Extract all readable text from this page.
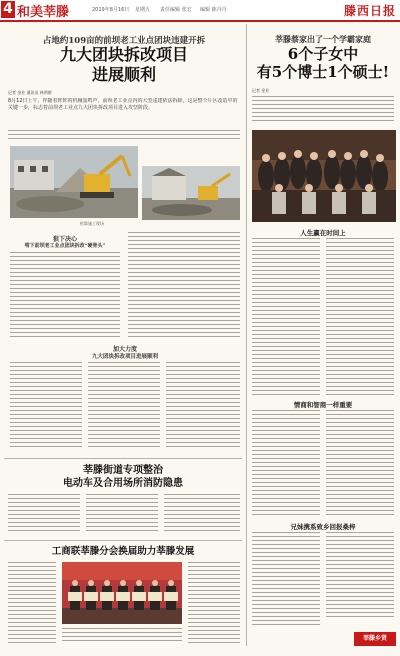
4 和美莘滕	2019年8月16日 星期五 责任编辑 张宏 编辑 陈丹丹	滕西日报
占地约109亩的前坝老工业点团块违建开拆
九大团块拆改项目
进展顺利
记者 金业 通讯员 林明群
8月12日上午，伴随着阵阵的机械轰鸣声，前坝老工业点内的大型违建依法拆除，这是整个片区改造中的关键一步，标志着前坝老工业点九大团块拆改项目进入攻坚阶段。
拆除施工现场
狠下决心
啃下前坝老工业点团块拆改“硬骨头”
加大力度
九大团块拆改项目进展顺利
莘滕蔡家出了一个学霸家庭
6个子女中
有5个博士1个硕士!
记者 金业
人生赢在时间上
情商和智商一样重要
兄妹携系致乡回报桑梓
莘滕乡贤
莘滕街道专项整治
电动车及合用场所消防隐患
工商联莘滕分会换届助力莘滕发展
